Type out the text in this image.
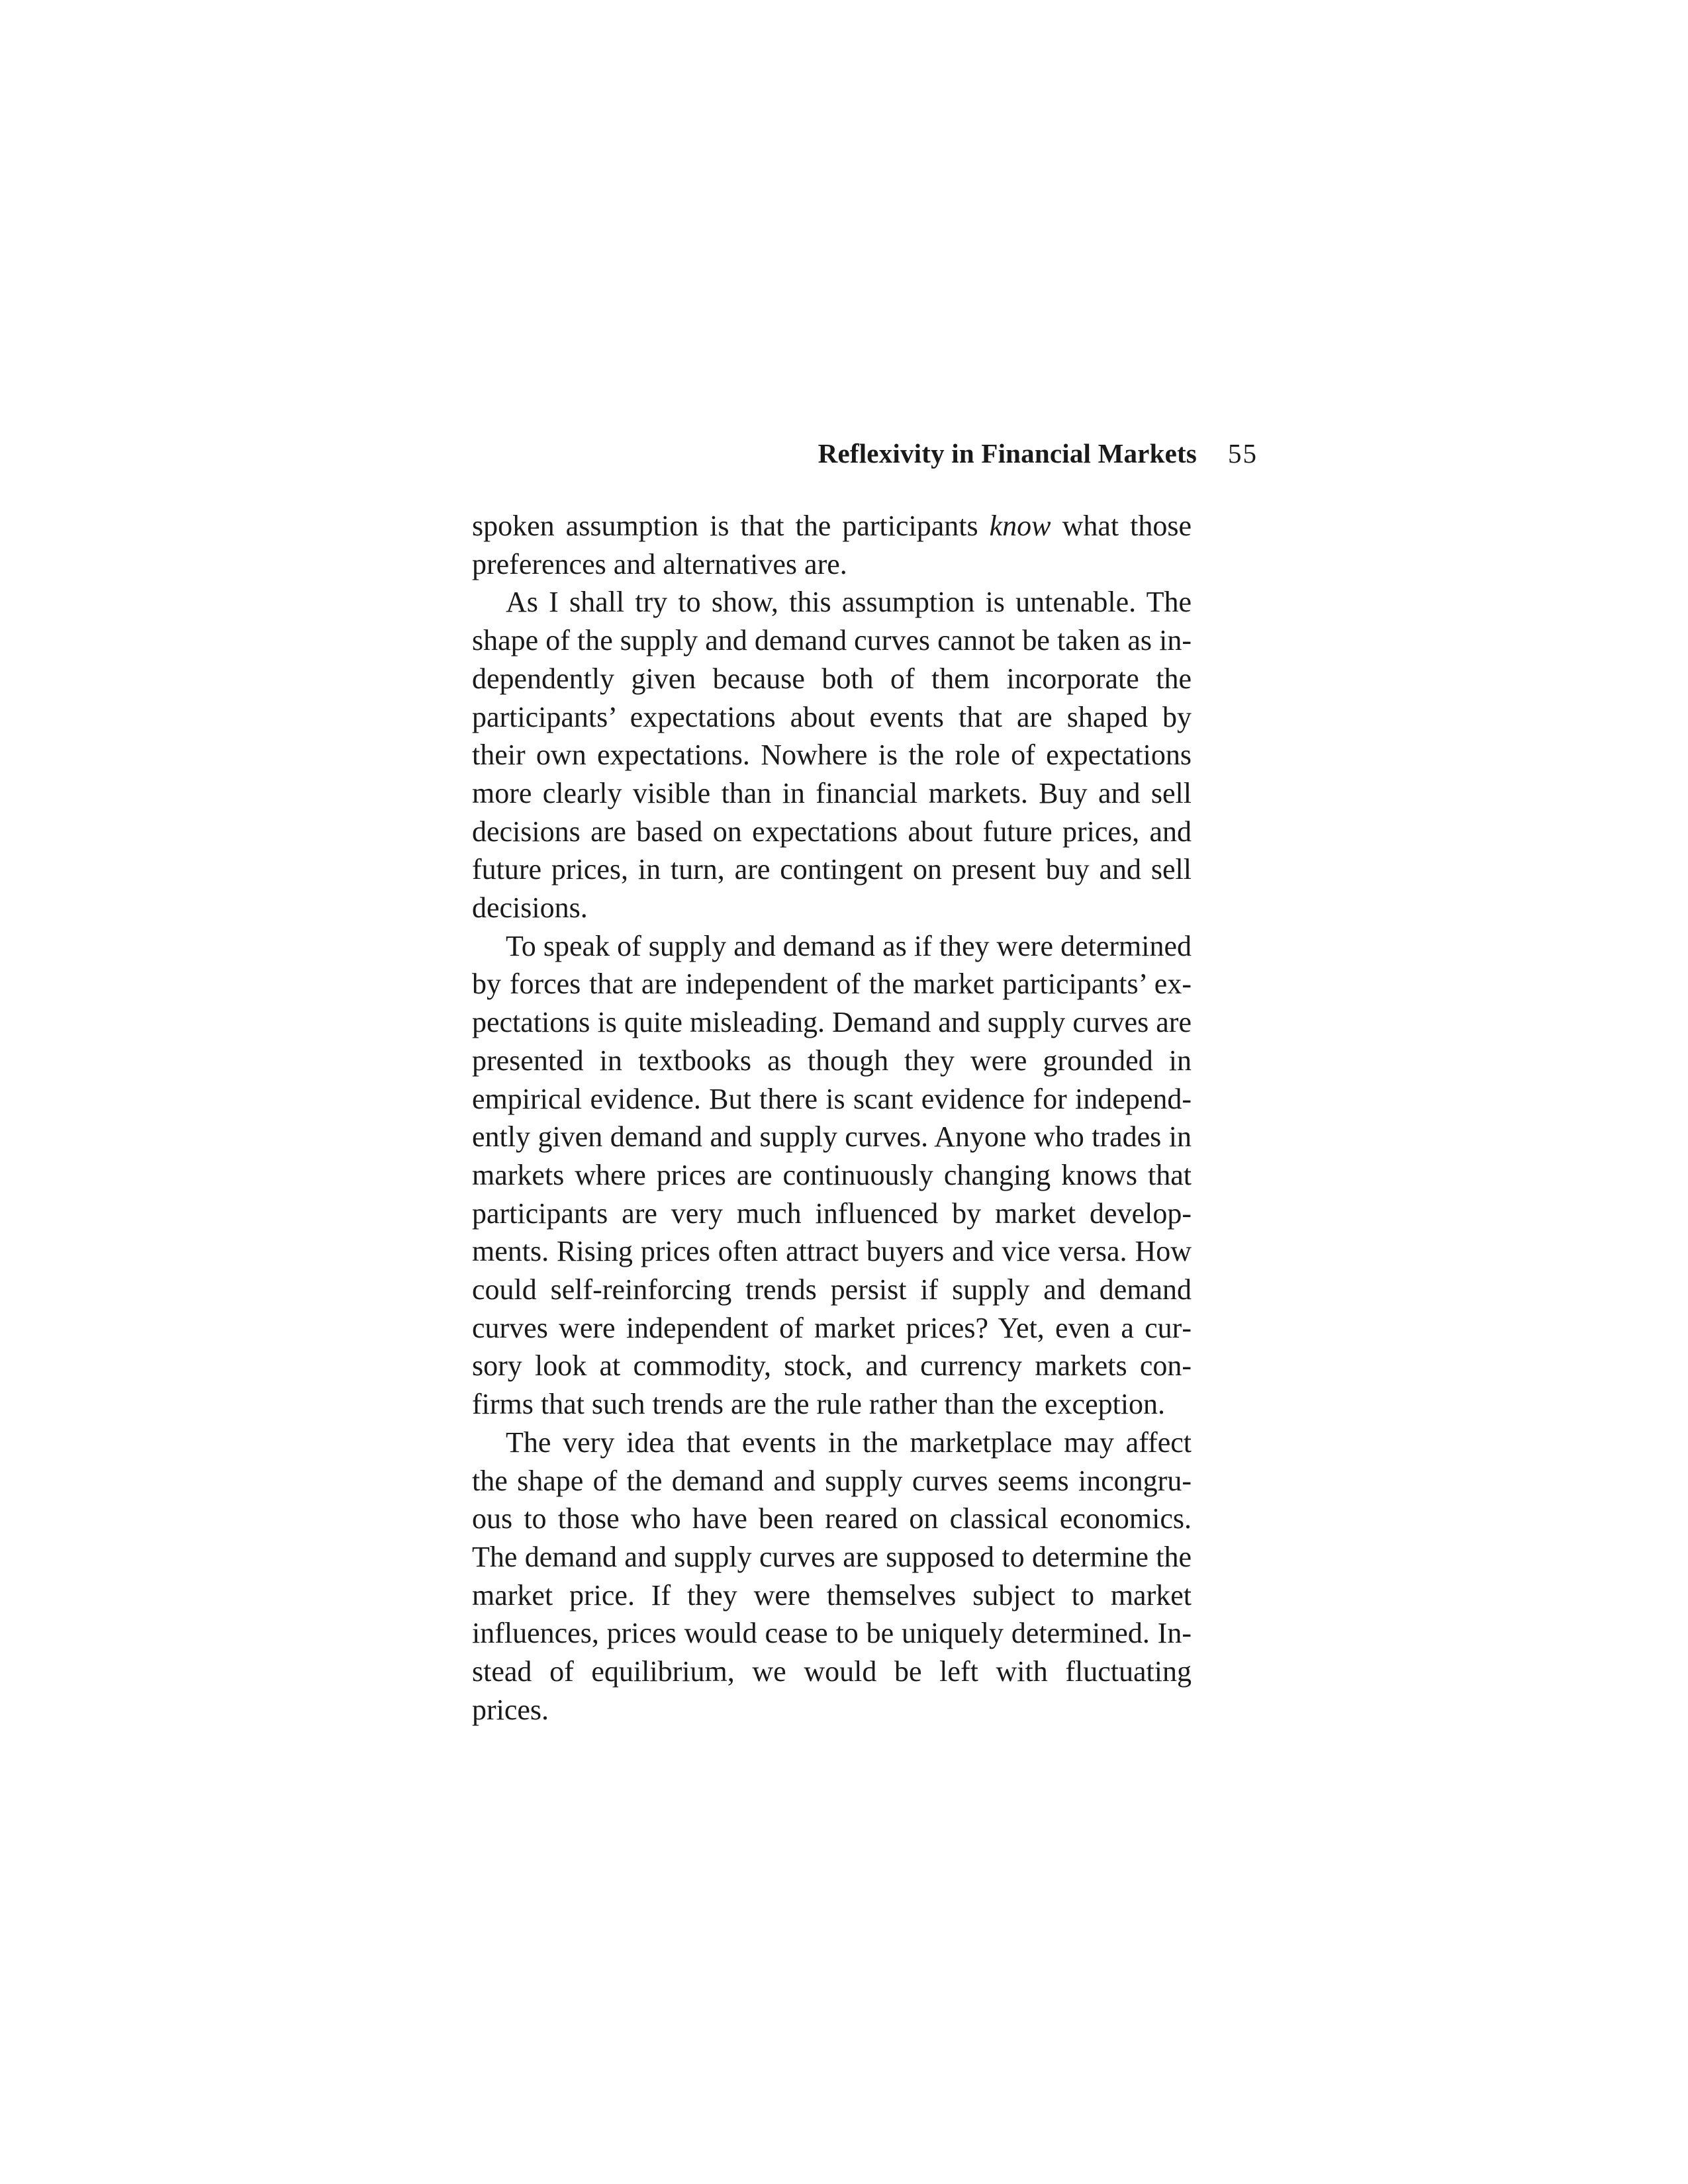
Reflexivity in Financial Markets 55

spoken assumption is that the participants know what those preferences and alternatives are.

As I shall try to show, this assumption is untenable. The shape of the supply and demand curves cannot be taken as independently given because both of them incorporate the participants’ expectations about events that are shaped by their own expectations. Nowhere is the role of expectations more clearly visible than in financial markets. Buy and sell decisions are based on expectations about future prices, and future prices, in turn, are contingent on present buy and sell decisions.

To speak of supply and demand as if they were determined by forces that are independent of the market participants’ expectations is quite misleading. Demand and supply curves are presented in textbooks as though they were grounded in empirical evidence. But there is scant evidence for independently given demand and supply curves. Anyone who trades in markets where prices are continuously changing knows that participants are very much influenced by market developments. Rising prices often attract buyers and vice versa. How could self-reinforcing trends persist if supply and demand curves were independent of market prices? Yet, even a cursory look at commodity, stock, and currency markets confirms that such trends are the rule rather than the exception.

The very idea that events in the marketplace may affect the shape of the demand and supply curves seems incongruous to those who have been reared on classical economics. The demand and supply curves are supposed to determine the market price. If they were themselves subject to market influences, prices would cease to be uniquely determined. Instead of equilibrium, we would be left with fluctuating prices.
